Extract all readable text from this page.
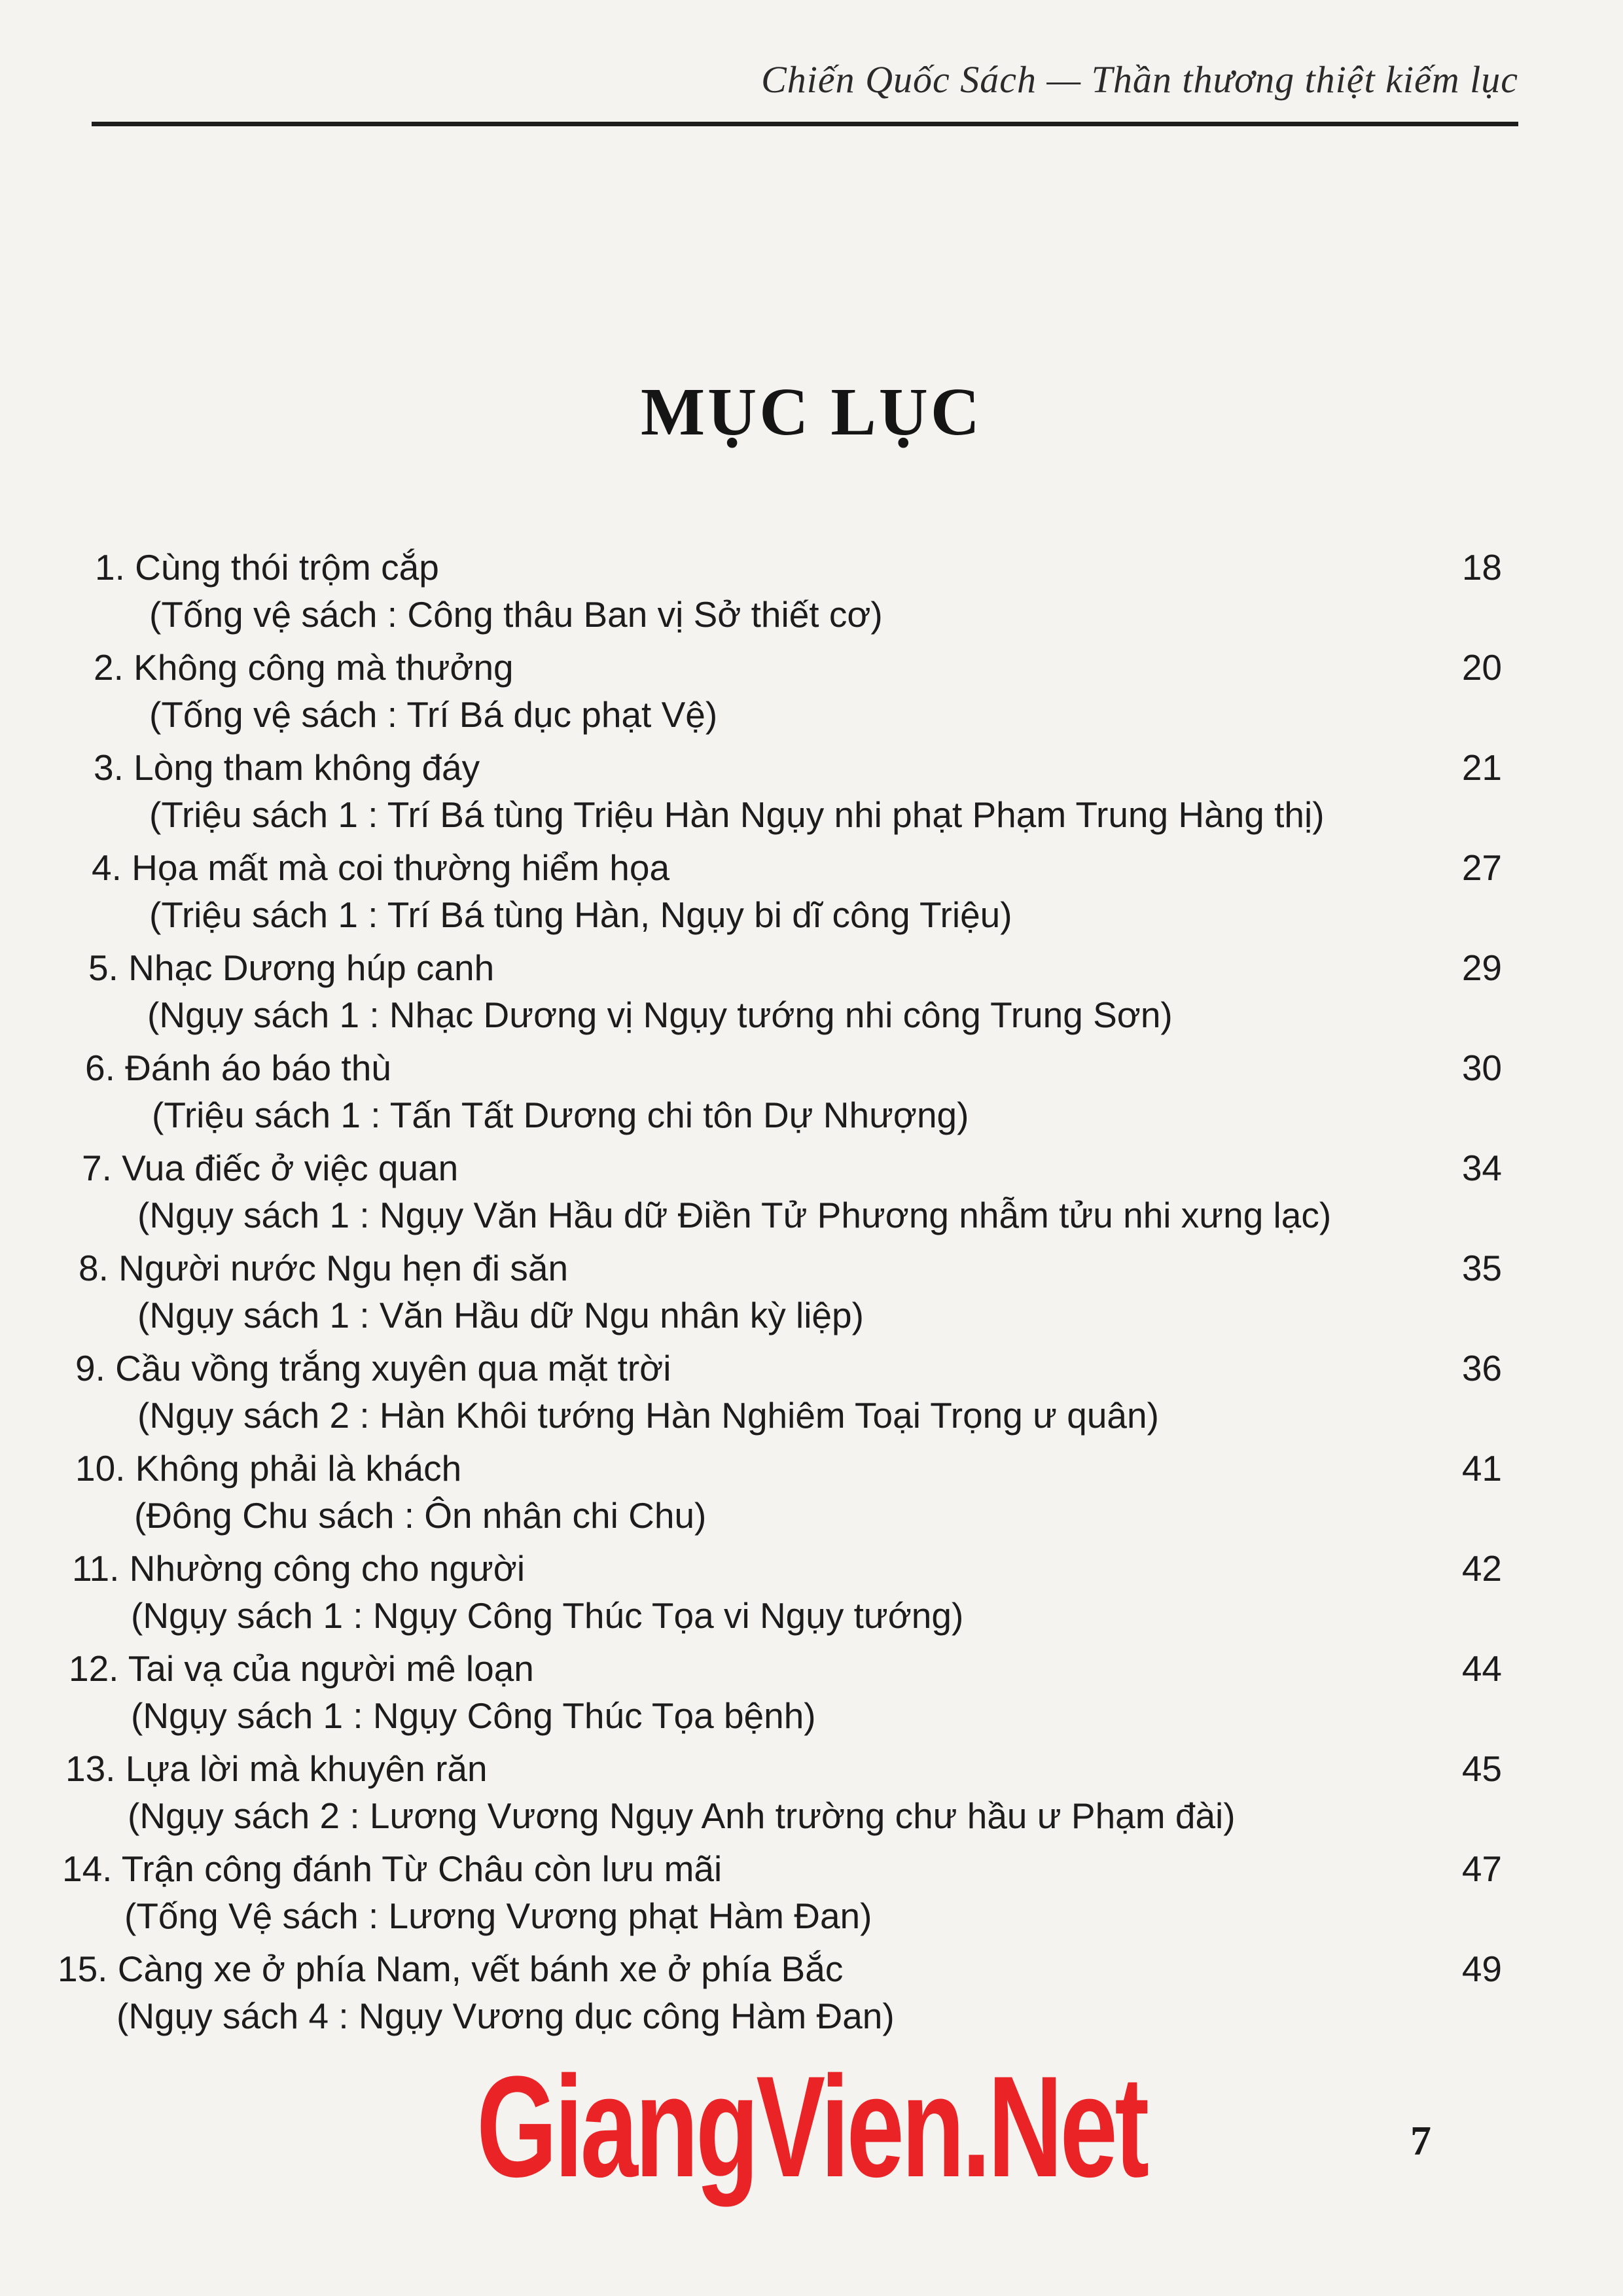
Chiến Quốc Sách — Thần thương thiệt kiếm lục
MỤC LỤC
1. Cùng thói trộm cắp
(Tống vệ sách : Công thâu Ban vị Sở thiết cơ)
18
2. Không công mà thưởng
(Tống vệ sách : Trí Bá dục phạt Vệ)
20
3. Lòng tham không đáy
(Triệu sách 1 : Trí Bá tùng Triệu Hàn Ngụy nhi phạt Phạm Trung Hàng thị)
21
4. Họa mất mà coi thường hiểm họa
(Triệu sách 1 : Trí Bá tùng Hàn, Ngụy bi dĩ công Triệu)
27
5. Nhạc Dương húp canh
(Ngụy sách 1 : Nhạc Dương vị Ngụy tướng nhi công Trung Sơn)
29
6. Đánh áo báo thù
(Triệu sách 1 : Tấn Tất Dương chi tôn Dự Nhượng)
30
7. Vua điếc ở việc quan
(Ngụy sách 1 : Ngụy Văn Hầu dữ Điền Tử Phương nhẫm tửu nhi xưng lạc)
34
8. Người nước Ngu hẹn đi săn
(Ngụy sách 1 : Văn Hầu dữ Ngu nhân kỳ liệp)
35
9. Cầu vồng trắng xuyên qua mặt trời
(Ngụy sách 2 : Hàn Khôi tướng Hàn Nghiêm Toại Trọng ư quân)
36
10. Không phải là khách
(Đông Chu sách : Ôn nhân chi Chu)
41
11. Nhường công cho người
(Ngụy sách 1 : Ngụy Công Thúc Tọa vi Ngụy tướng)
42
12. Tai vạ của người mê loạn
(Ngụy sách 1 : Ngụy Công Thúc Tọa bệnh)
44
13. Lựa lời mà khuyên răn
(Ngụy sách 2 : Lương Vương Ngụy Anh trường chư hầu ư Phạm đài)
45
14. Trận công đánh Từ Châu còn lưu mãi
(Tống Vệ sách : Lương Vương phạt Hàm Đan)
47
15. Càng xe ở phía Nam, vết bánh xe ở phía Bắc
(Ngụy sách 4 : Ngụy Vương dục công Hàm Đan)
49
GiangVien.Net	7
